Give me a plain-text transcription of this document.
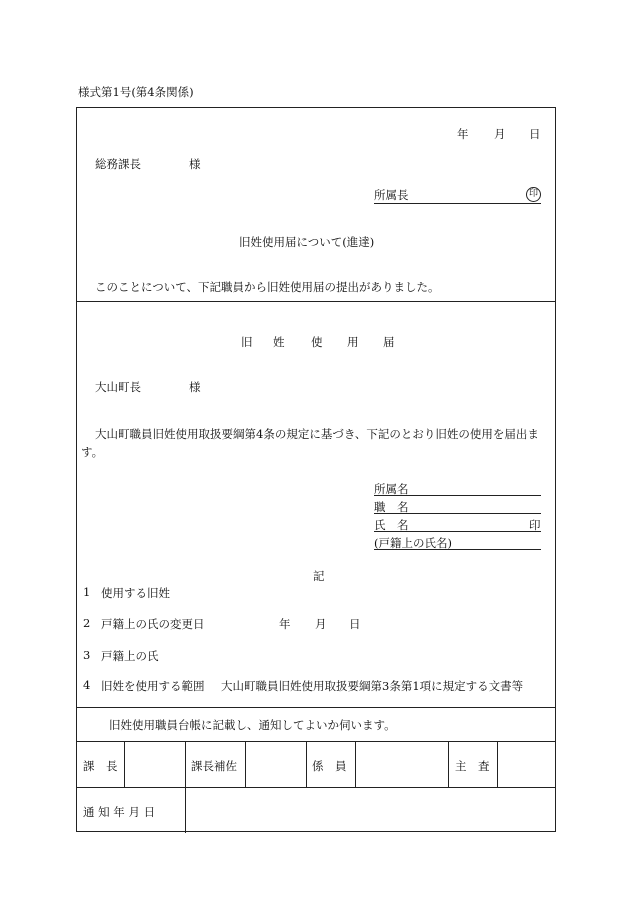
様式第1号(第4条関係)
年 月 日
総務課長	様
所属長	印
旧姓使用届について(進達)
このことについて、下記職員から旧姓使用届の提出がありました。
旧 姓 使 用 届
大山町長	様
大山町職員旧姓使用取扱要綱第4条の規定に基づき、下記のとおり旧姓の使用を届出ます。
所属名
職　名
氏　名	印
(戸籍上の氏名)
記
1 使用する旧姓
2 戸籍上の氏の変更日	年 月 日
3 戸籍上の氏
4 旧姓を使用する範囲 大山町職員旧姓使用取扱要綱第3条第1項に規定する文書等
旧姓使用職員台帳に記載し、通知してよいか伺います。
課　長	課長補佐	係　員	主　査
通 知 年 月 日
